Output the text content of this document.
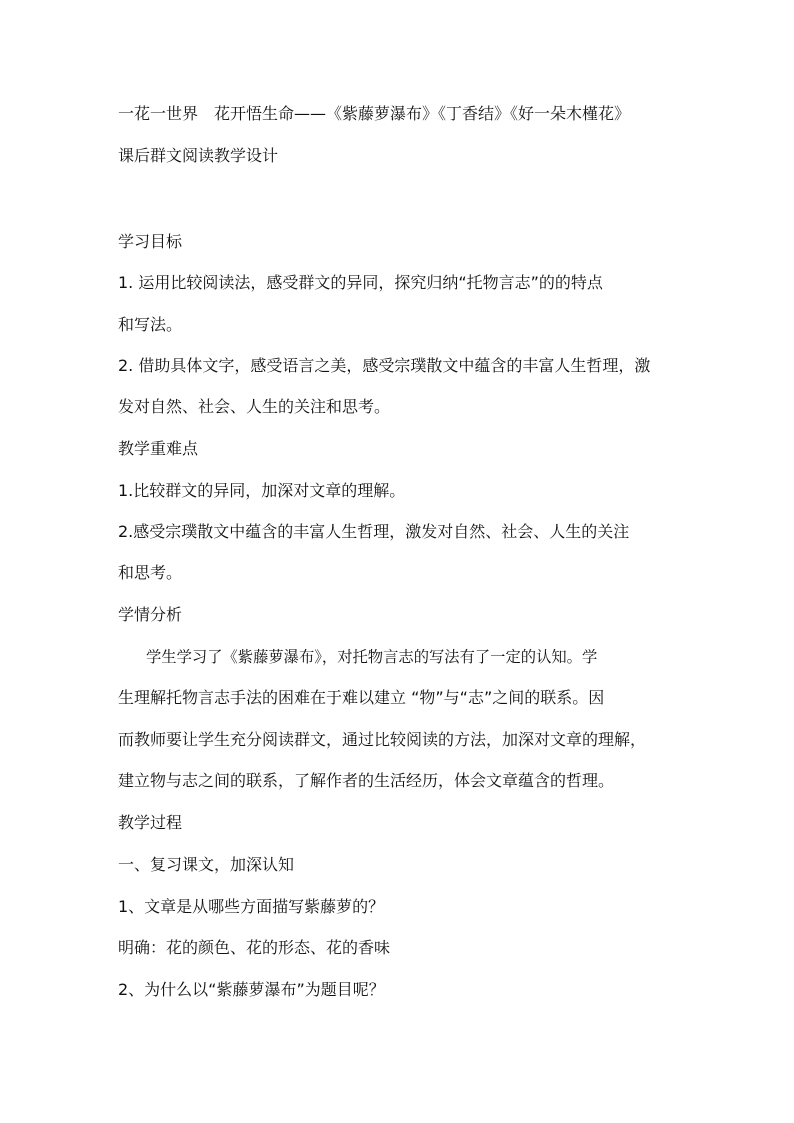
一花一世界　花开悟生命——《紫藤萝瀑布》《丁香结》《好一朵木槿花》
课后群文阅读教学设计
学习目标
1. 运用比较阅读法，感受群文的异同，探究归纳“托物言志”的的特点
和写法。
2. 借助具体文字，感受语言之美，感受宗璞散文中蕴含的丰富人生哲理，激
发对自然、社会、人生的关注和思考。
教学重难点
1.比较群文的异同，加深对文章的理解。
2.感受宗璞散文中蕴含的丰富人生哲理，激发对自然、社会、人生的关注
和思考。
学情分析
学生学习了《紫藤萝瀑布》，对托物言志的写法有了一定的认知。学
生理解托物言志手法的困难在于难以建立 “物”与“志”之间的联系。因
而教师要让学生充分阅读群文，通过比较阅读的方法，加深对文章的理解，
建立物与志之间的联系，了解作者的生活经历，体会文章蕴含的哲理。
教学过程
一、复习课文，加深认知
1、文章是从哪些方面描写紫藤萝的？
明确：花的颜色、花的形态、花的香味
2、为什么以“紫藤萝瀑布”为题目呢？
